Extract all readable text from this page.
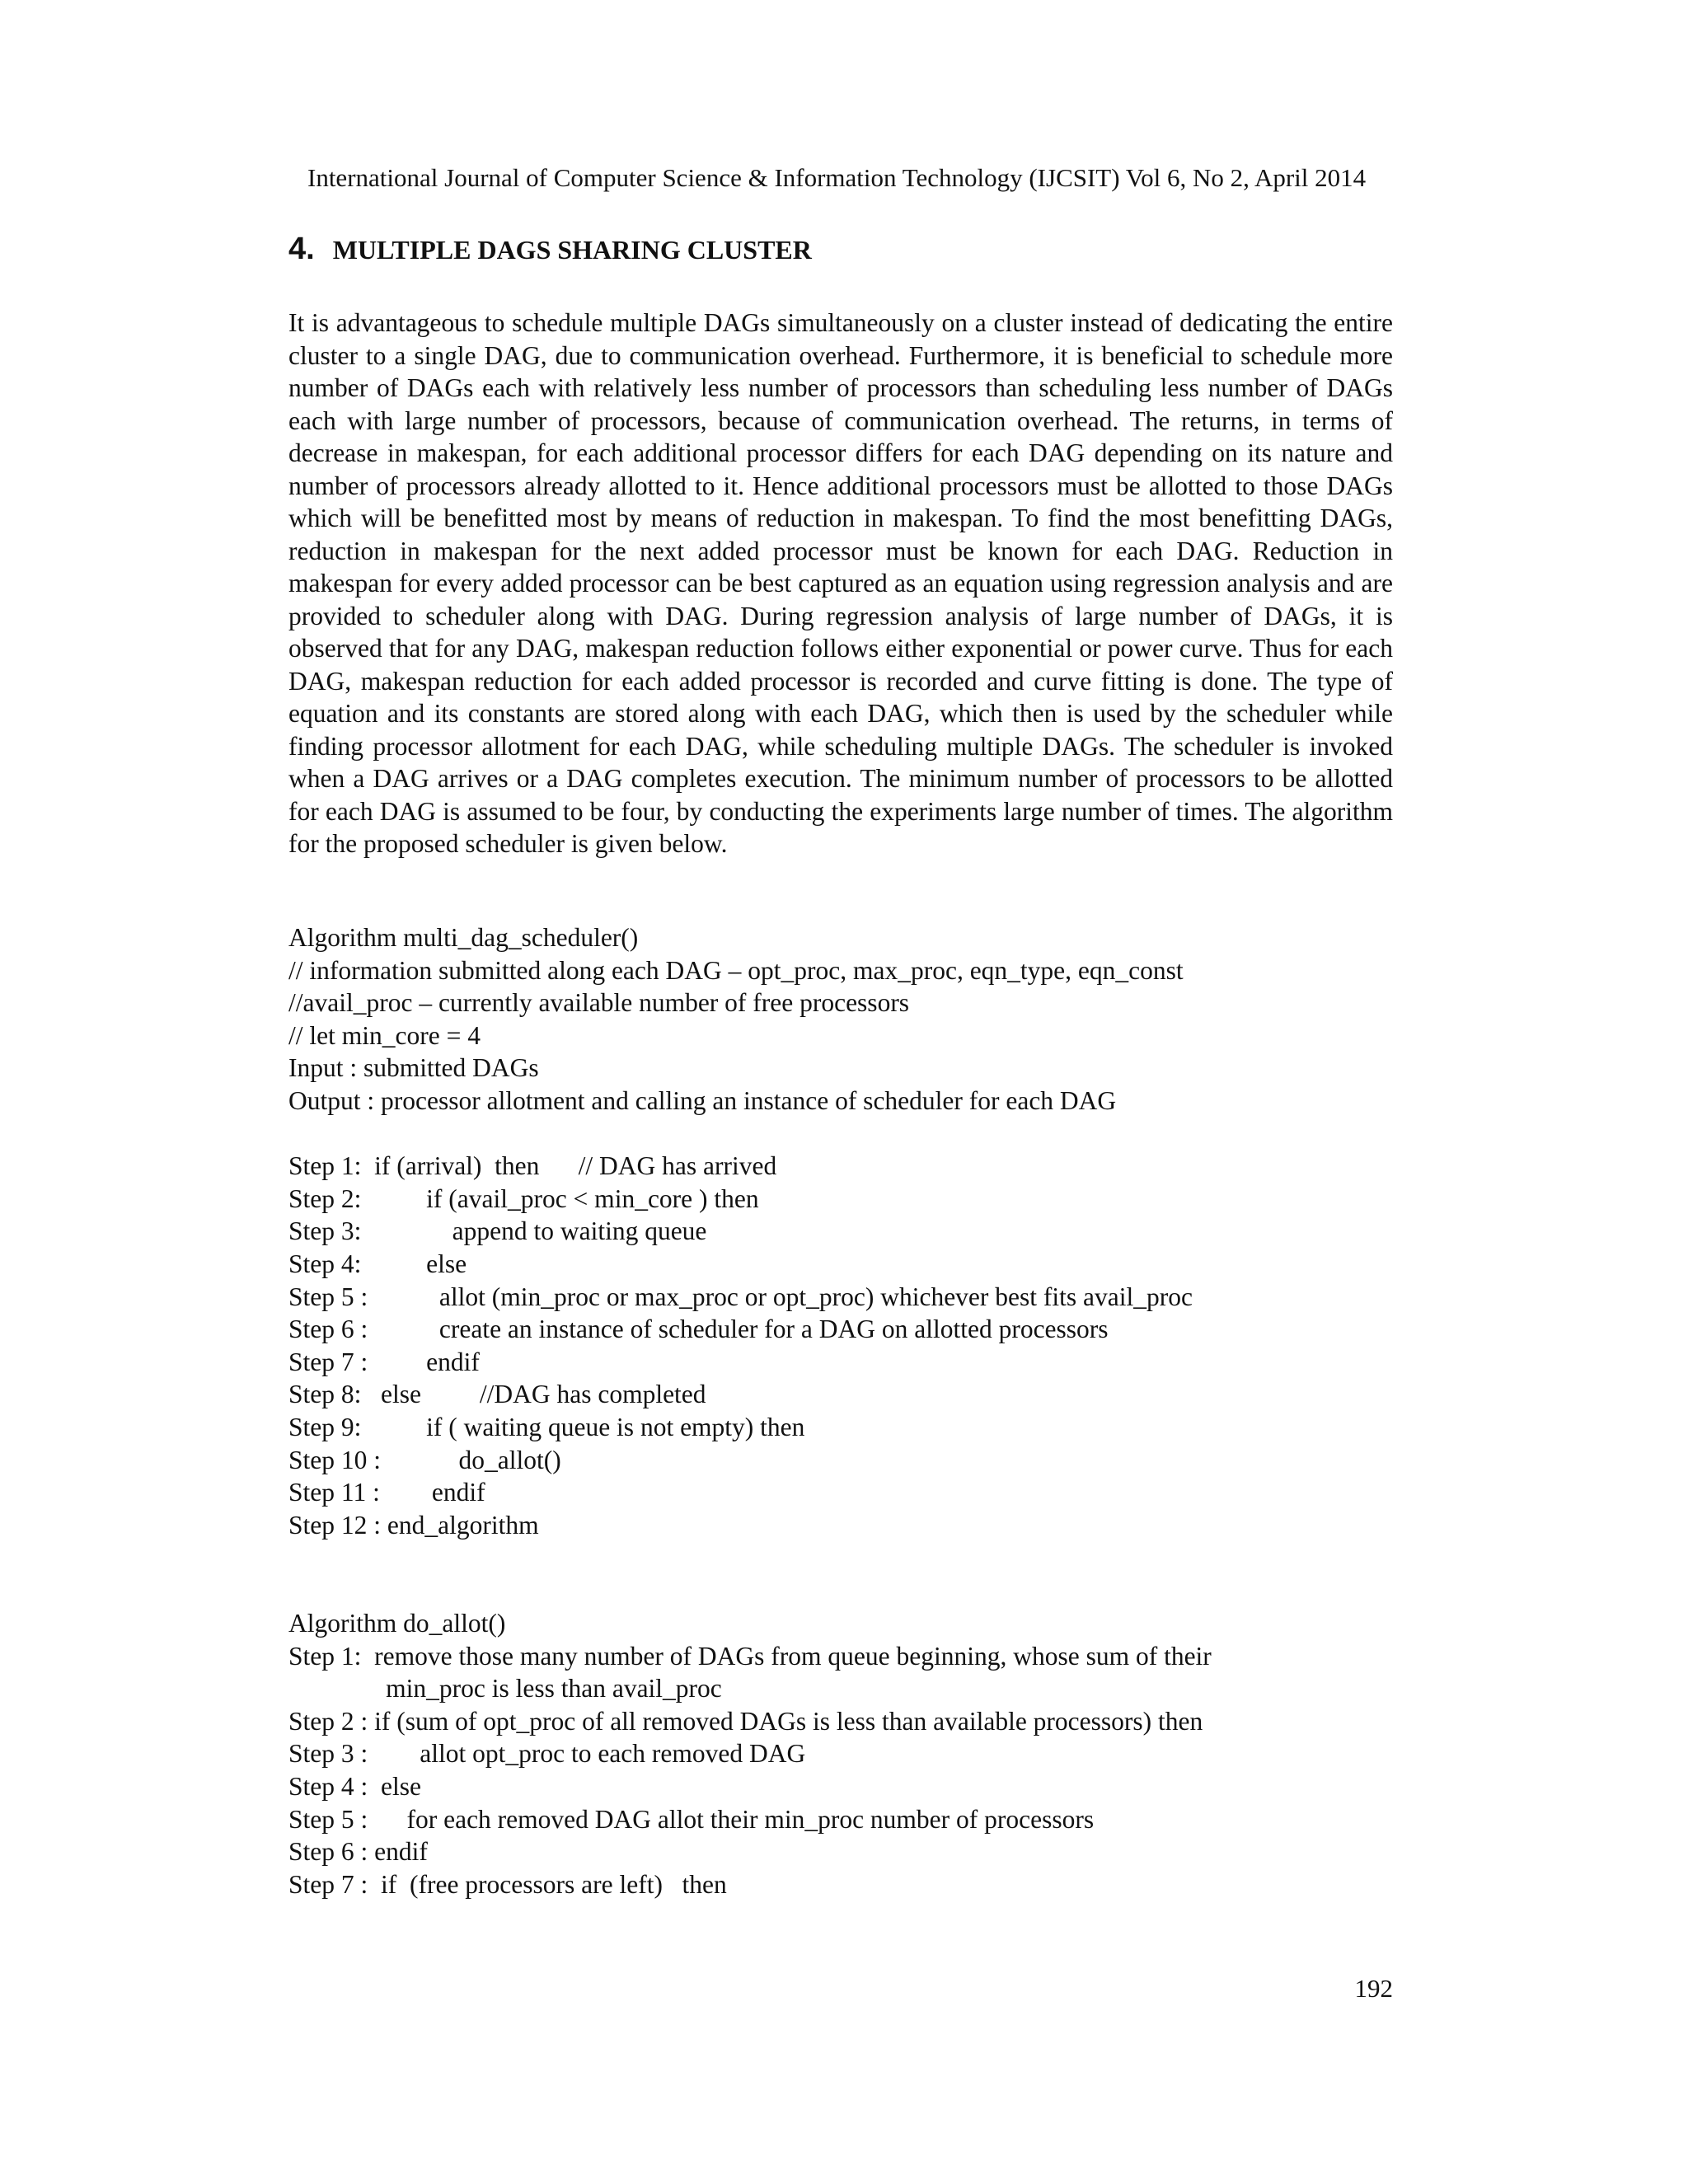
International Journal of Computer Science & Information Technology (IJCSIT) Vol 6, No 2, April 2014
4. MULTIPLE DAGS SHARING CLUSTER

It is advantageous to schedule multiple DAGs simultaneously on a cluster instead of dedicating the entire cluster to a single DAG, due to communication overhead. Furthermore, it is beneficial to schedule more number of DAGs each with relatively less number of processors than scheduling less number of DAGs each with large number of processors, because of communication overhead. The returns, in terms of decrease in makespan, for each additional processor differs for each DAG depending on its nature and number of processors already allotted to it. Hence additional processors must be allotted to those DAGs which will be benefitted most by means of reduction in makespan. To find the most benefitting DAGs, reduction in makespan for the next added processor must be known for each DAG. Reduction in makespan for every added processor can be best captured as an equation using regression analysis and are provided to scheduler along with DAG. During regression analysis of large number of DAGs, it is observed that for any DAG, makespan reduction follows either exponential or power curve. Thus for each DAG, makespan reduction for each added processor is recorded and curve fitting is done. The type of equation and its constants are stored along with each DAG, which then is used by the scheduler while finding processor allotment for each DAG, while scheduling multiple DAGs. The scheduler is invoked when a DAG arrives or a DAG completes execution. The minimum number of processors to be allotted for each DAG is assumed to be four, by conducting the experiments large number of times. The algorithm for the proposed scheduler is given below.

Algorithm multi_dag_scheduler()
// information submitted along each DAG – opt_proc, max_proc, eqn_type, eqn_const
//avail_proc – currently available number of free processors
// let min_core = 4
Input : submitted DAGs
Output : processor allotment and calling an instance of scheduler for each DAG
Step 1:  if (arrival)  then      // DAG has arrived
Step 2:          if (avail_proc < min_core ) then
Step 3:              append to waiting queue
Step 4:          else
Step 5 :           allot (min_proc or max_proc or opt_proc) whichever best fits avail_proc
Step 6 :           create an instance of scheduler for a DAG on allotted processors
Step 7 :         endif
Step 8:   else         //DAG has completed
Step 9:          if ( waiting queue is not empty) then
Step 10 :            do_allot()
Step 11 :        endif
Step 12 : end_algorithm
Algorithm do_allot()
Step 1:  remove those many number of DAGs from queue beginning, whose sum of their
min_proc is less than avail_proc
Step 2 : if (sum of opt_proc of all removed DAGs is less than available processors) then
Step 3 :        allot opt_proc to each removed DAG
Step 4 :  else
Step 5 :      for each removed DAG allot their min_proc number of processors
Step 6 : endif
Step 7 :  if  (free processors are left)   then
192
